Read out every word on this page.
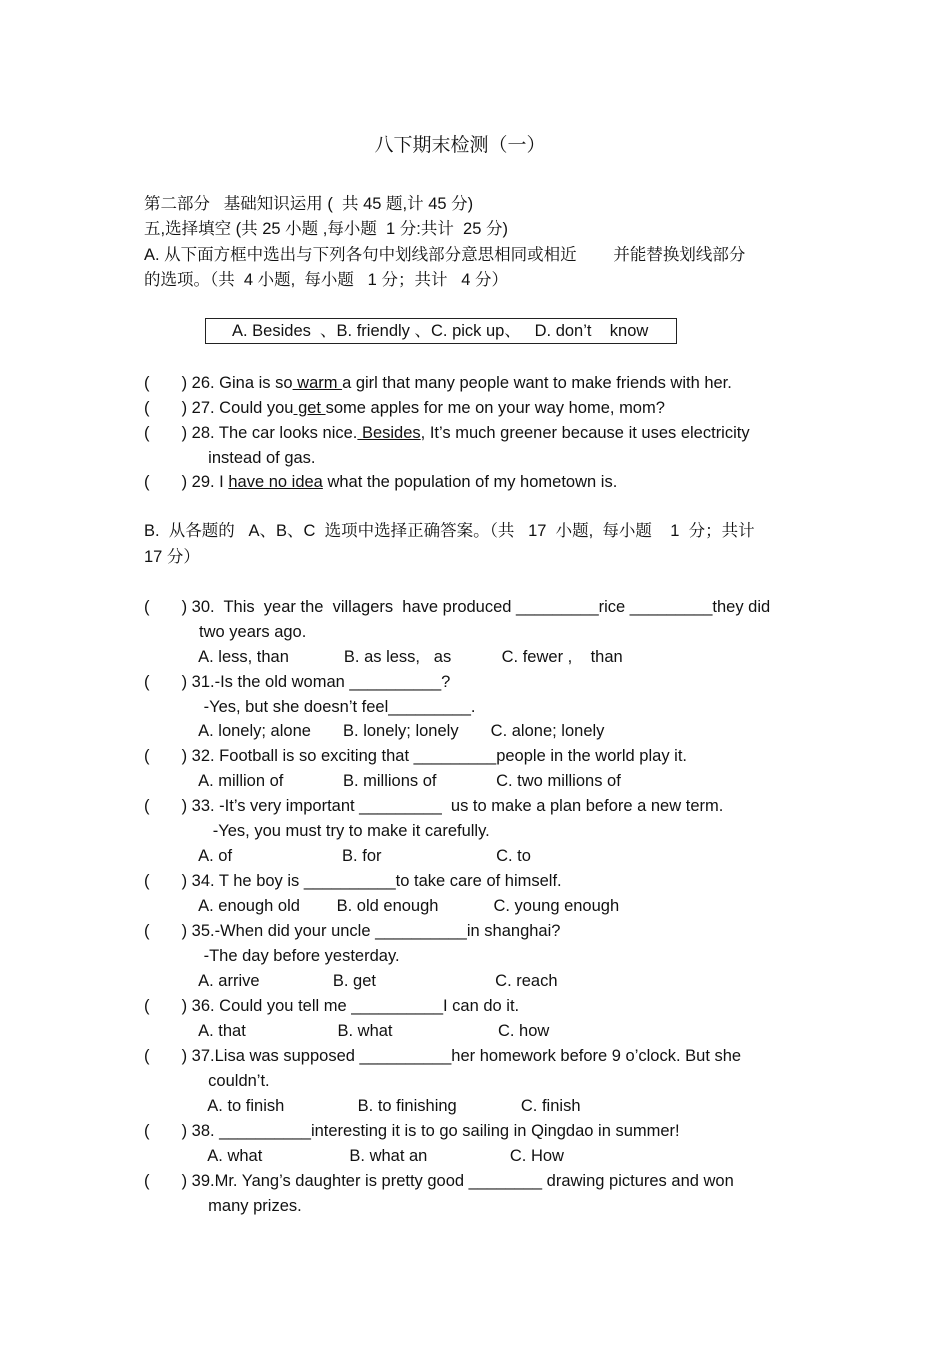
八下期末检测（一）
第二部分   基础知识运用 (  共 45 题,计 45 分)
五,选择填空 (共 25 小题 ,每小题  1 分:共计  25 分)
A. 从下面方框中选出与下列各句中划线部分意思相同或相近        并能替换划线部分
的选项。（共  4 小题,  每小题   1 分；共计   4 分）
A. Besides  、B. friendly 、C. pick up、   D. don’t    know
(       ) 26. Gina is so warm a girl that many people want to make friends with her.
(       ) 27. Could you get some apples for me on your way home, mom?
(       ) 28. The car looks nice. Besides, It’s much greener because it uses electricity
instead of gas.
(       ) 29. I have no idea what the population of my hometown is.
B.  从各题的   A、B、C  选项中选择正确答案。（共   17  小题,  每小题    1  分；共计
17 分）
(       ) 30.  This  year the  villagers  have produced _________rice _________they did
two years ago.
A. less, than            B. as less,   as           C. fewer ,    than
(       ) 31.-Is the old woman __________?
-Yes, but she doesn’t feel_________.
A. lonely; alone       B. lonely; lonely       C. alone; lonely
(       ) 32. Football is so exciting that _________people in the world play it.
A. million of             B. millions of             C. two millions of
(       ) 33. -It’s very important _________  us to make a plan before a new term.
-Yes, you must try to make it carefully.
A. of                        B. for                         C. to
(       ) 34. T he boy is __________to take care of himself.
A. enough old        B. old enough            C. young enough
(       ) 35.-When did your uncle __________in shanghai?
-The day before yesterday.
A. arrive                B. get                          C. reach
(       ) 36. Could you tell me __________I can do it.
A. that                    B. what                       C. how
(       ) 37.Lisa was supposed __________her homework before 9 o’clock. But she
couldn’t.
A. to finish                B. to finishing              C. finish
(       ) 38. __________interesting it is to go sailing in Qingdao in summer!
A. what                   B. what an                  C. How
(       ) 39.Mr. Yang’s daughter is pretty good ________ drawing pictures and won
many prizes.
